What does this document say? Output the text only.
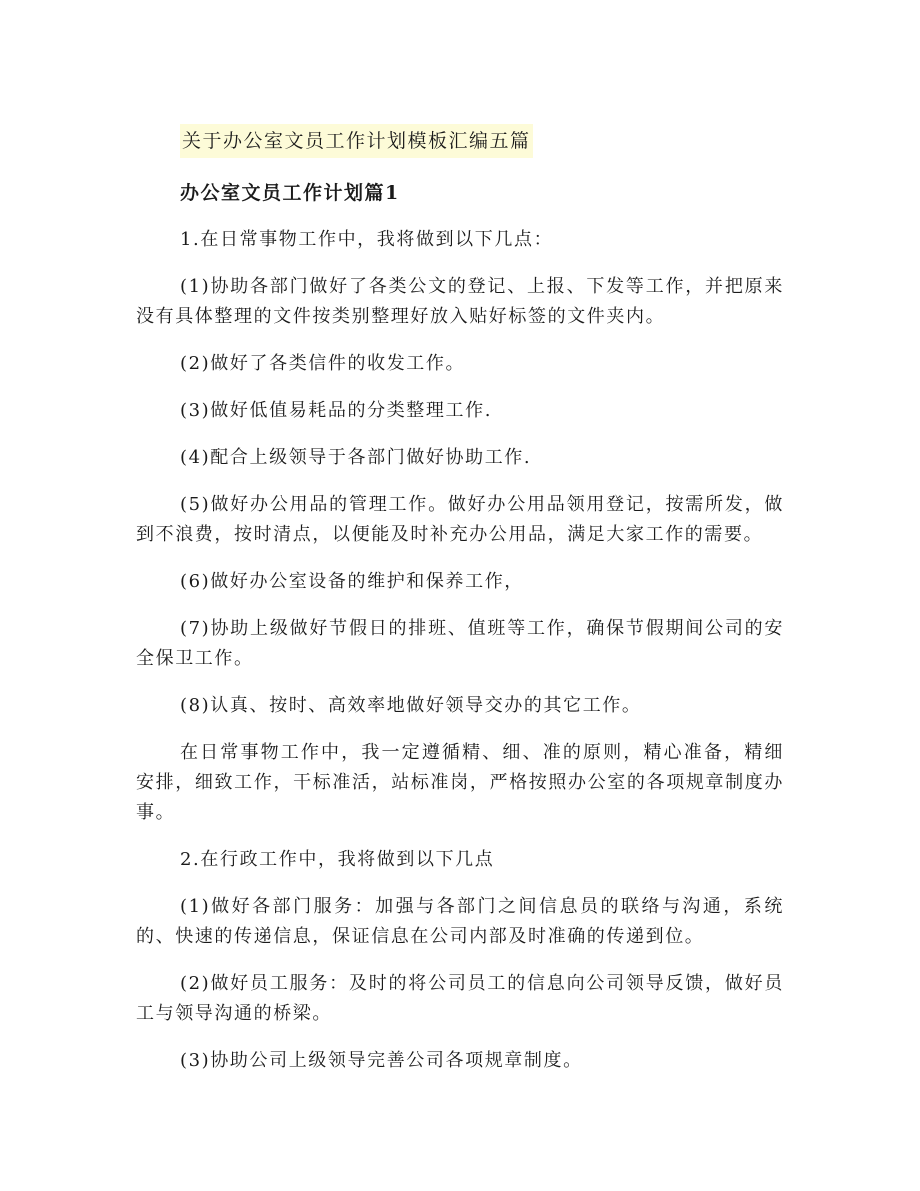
关于办公室文员工作计划模板汇编五篇
办公室文员工作计划篇1

1.在日常事物工作中，我将做到以下几点：

(1)协助各部门做好了各类公文的登记、上报、下发等工作，并把原来没有具体整理的文件按类别整理好放入贴好标签的文件夹内。

(2)做好了各类信件的收发工作。

(3)做好低值易耗品的分类整理工作.

(4)配合上级领导于各部门做好协助工作.

(5)做好办公用品的管理工作。做好办公用品领用登记，按需所发，做到不浪费，按时清点，以便能及时补充办公用品，满足大家工作的需要。

(6)做好办公室设备的维护和保养工作，

(7)协助上级做好节假日的排班、值班等工作，确保节假期间公司的安全保卫工作。

(8)认真、按时、高效率地做好领导交办的其它工作。

在日常事物工作中，我一定遵循精、细、准的原则，精心准备，精细安排，细致工作，干标准活，站标准岗，严格按照办公室的各项规章制度办事。

2.在行政工作中，我将做到以下几点

(1)做好各部门服务：加强与各部门之间信息员的联络与沟通，系统的、快速的传递信息，保证信息在公司内部及时准确的传递到位。

(2)做好员工服务：及时的将公司员工的信息向公司领导反馈，做好员工与领导沟通的桥梁。

(3)协助公司上级领导完善公司各项规章制度。
